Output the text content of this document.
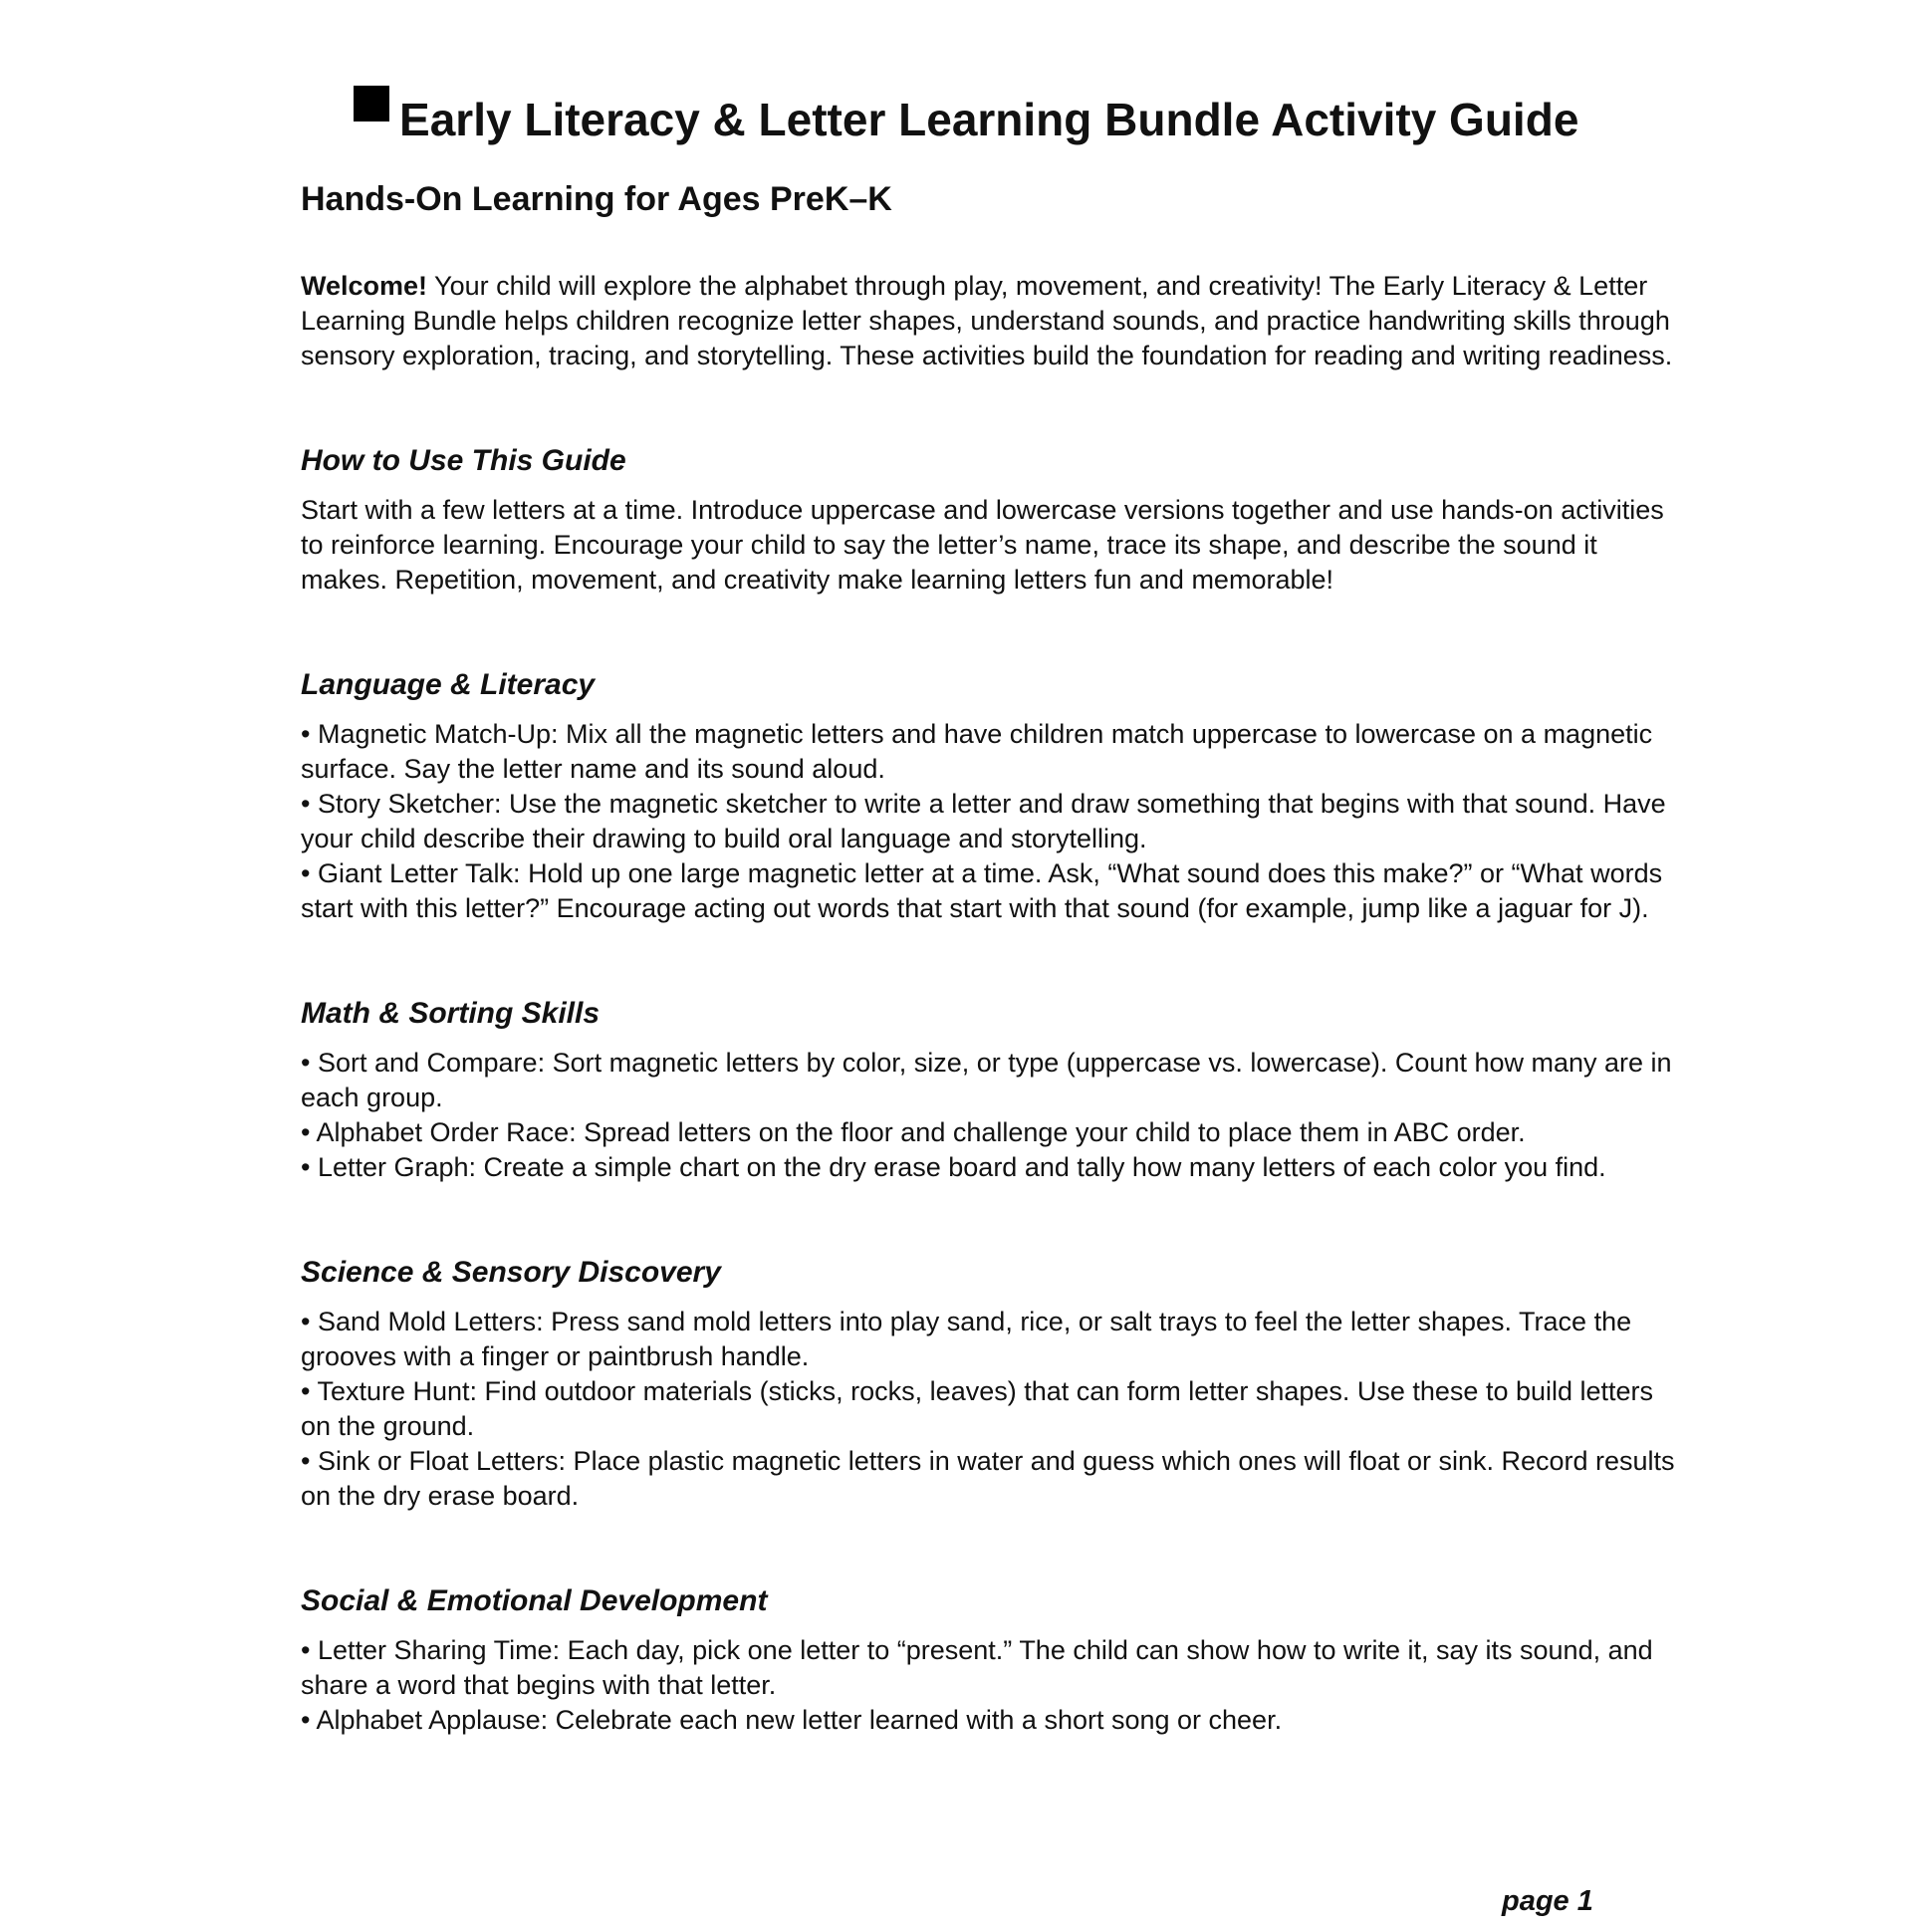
Early Literacy & Letter Learning Bundle Activity Guide
Hands-On Learning for Ages PreK–K

Welcome! Your child will explore the alphabet through play, movement, and creativity! The Early Literacy & Letter Learning Bundle helps children recognize letter shapes, understand sounds, and practice handwriting skills through sensory exploration, tracing, and storytelling. These activities build the foundation for reading and writing readiness.

How to Use This Guide

Start with a few letters at a time. Introduce uppercase and lowercase versions together and use hands-on activities to reinforce learning. Encourage your child to say the letter’s name, trace its shape, and describe the sound it makes. Repetition, movement, and creativity make learning letters fun and memorable!

Language & Literacy

• Magnetic Match-Up: Mix all the magnetic letters and have children match uppercase to lowercase on a magnetic surface. Say the letter name and its sound aloud.

• Story Sketcher: Use the magnetic sketcher to write a letter and draw something that begins with that sound. Have your child describe their drawing to build oral language and storytelling.

• Giant Letter Talk: Hold up one large magnetic letter at a time. Ask, “What sound does this make?” or “What words start with this letter?” Encourage acting out words that start with that sound (for example, jump like a jaguar for J).

Math & Sorting Skills

• Sort and Compare: Sort magnetic letters by color, size, or type (uppercase vs. lowercase). Count how many are in each group.

• Alphabet Order Race: Spread letters on the floor and challenge your child to place them in ABC order.

• Letter Graph: Create a simple chart on the dry erase board and tally how many letters of each color you find.

Science & Sensory Discovery

• Sand Mold Letters: Press sand mold letters into play sand, rice, or salt trays to feel the letter shapes. Trace the grooves with a finger or paintbrush handle.

• Texture Hunt: Find outdoor materials (sticks, rocks, leaves) that can form letter shapes. Use these to build letters on the ground.

• Sink or Float Letters: Place plastic magnetic letters in water and guess which ones will float or sink. Record results on the dry erase board.

Social & Emotional Development

• Letter Sharing Time: Each day, pick one letter to “present.” The child can show how to write it, say its sound, and share a word that begins with that letter.

• Alphabet Applause: Celebrate each new letter learned with a short song or cheer.

page 1
